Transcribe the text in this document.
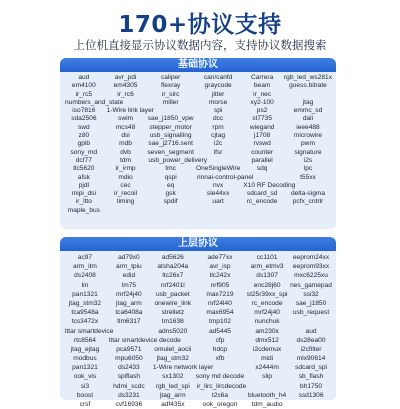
170+协议支持
上位机直接显示协议数据内容，支持协议数据搜索
基础协议
aud	avr_pdi	caliper	can/canfd	Carrera	rgb_led_ws281x
em4100	em4305	flexray	graycode	beam	guess.bitrate
ir_rc5	ir_rc6	ir_sirc	jitter	ir_nec
numbers_and_state	miller	morse	xy2-100	jtag
iso7816	1-Wire link layer	spi	ps2	emmc_sd
sda2506	swim	sae_j1850_vpw	dcc	st7735	dali
swd	mcs48	stepper_motor	rpm	wiegand	ieee488
z80	dsi	usb_signalling	cjtag	j1708	microwire
gpib	mdb	sae_j2716.sent	i2c	rvswd	pwm
sony_md	dvb	seven_segment	lfsr	counter	signature
dcf77	tdm	usb_power_delivery	parallel	i2s
tlc5620	ir_irmp	tmc	OneSingleWire	sdq	lpc
afsk	mdio	qspi	rinnai-control-panel	t55xx
pjdl	cec	eq	nvx	X10 RF Decoding
mipi_dsi	ir_recoil	gsk	sle44xx	sdcard_sd	delta-sigma
ir_ltto	timing	spdif	uart	rc_encode	pcfx_cntrlr
maple_bus
上层协议
ac97	ad79x0	ad5626	ade77xx	cc1101	eeprom24xx
arm_itm	arm_tpiu	atsha204a	avr_isp	arm_etmv3	eeprom93xx
ds2408	edid	ltc26x7	tlc242x	ds1307	mxc6225xu
lin	lm75	nrf2401l	nrf905	enc28j60	nes_gamepad
pan1321	mrf24j40	usb_packet	max7219	st25r39xx_spi	ssi32
jtag_stm32	jtag_arm	onewire_link	nrf24l40	rc_encode	sae_j1850
tca9548a	tca6408a	strelletz	max6954	mrf24j40	usb_request
tcs3472x	tlm6317	tm1638	tmp102	nunchuk
lttar smartdevice	adns5020	ad5445	am230x	aud
rtc8564	lttar smartdevice decode	cfp	dmx512	ds28ea00
jtag_ejtag	pca9571	omulet_aocii	hdcp	i2cdemux	i2cfilter
modbus	mpu6050	jtag_stm32	xfb	midi	mlx90614
pan1321	ds2433	1-Wire network layer	x2444m	sdcard_spi
ook_vis	spiflash	sx1302	sony md decode	slip	sb_flash
si3	hdmi_scdc	rgb_led_spi	ir_lirc_lircdecode	bh1750
boost	ds3231	jtag_arm	t2s6a	bluetooth_h4	ssd1306
crsf	cvf16936	adf435x	ook_oregon	tdm_audio
